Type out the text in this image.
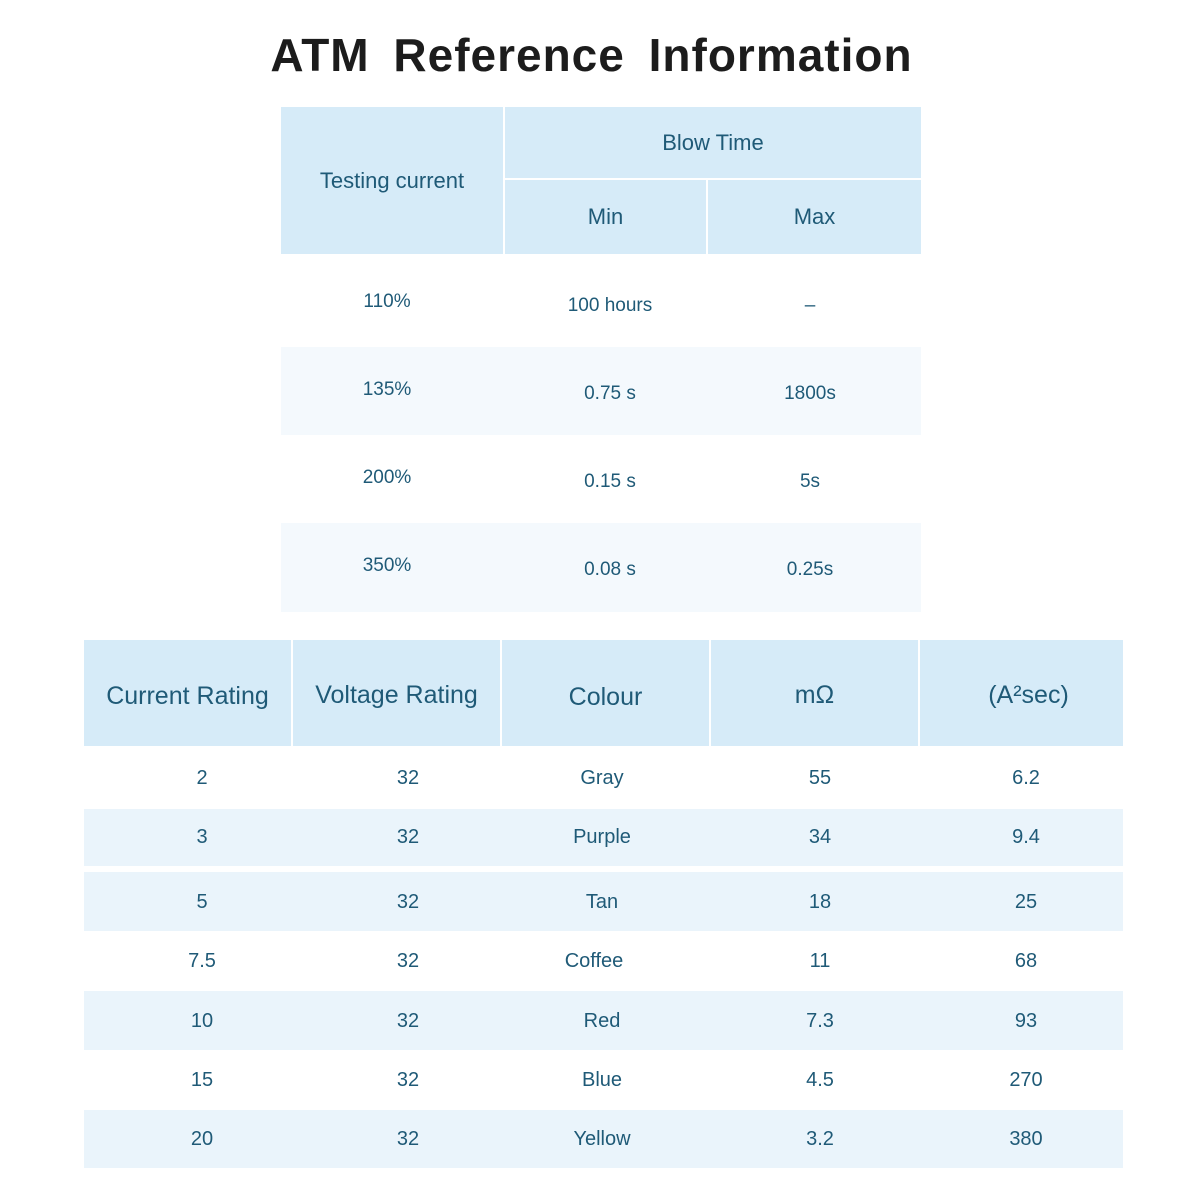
ATM Reference Information
Testing current
Blow Time
Min	Max
110%	100 hours	–
135%	0.75 s	1800s
200%	0.15 s	5s
350%	0.08 s	0.25s
Current Rating	Voltage Rating	Colour	mΩ	(A²sec)
2	32	Gray	55	6.2
3	32	Purple	34	9.4
5	32	Tan	18	25
7.5	32	Coffee	11	68
10	32	Red	7.3	93
15	32	Blue	4.5	270
20	32	Yellow	3.2	380
